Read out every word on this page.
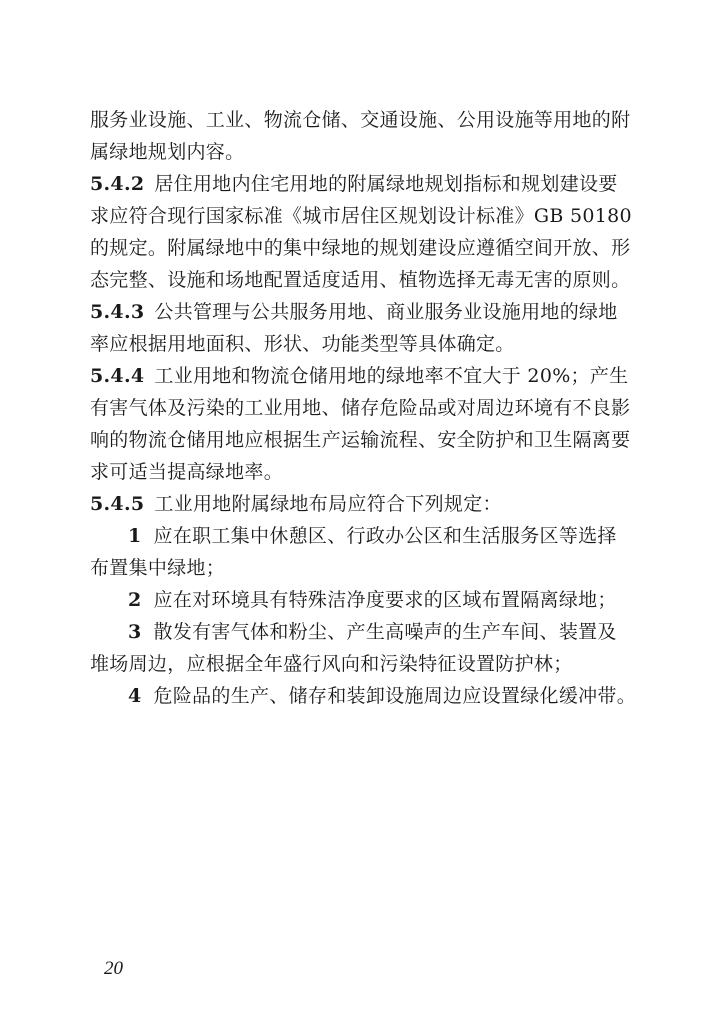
服务业设施、工业、物流仓储、交通设施、公用设施等用地的附
属绿地规划内容。
5.4.2 居住用地内住宅用地的附属绿地规划指标和规划建设要
求应符合现行国家标准《城市居住区规划设计标准》GB 50180
的规定。附属绿地中的集中绿地的规划建设应遵循空间开放、形
态完整、设施和场地配置适度适用、植物选择无毒无害的原则。
5.4.3 公共管理与公共服务用地、商业服务业设施用地的绿地
率应根据用地面积、形状、功能类型等具体确定。
5.4.4 工业用地和物流仓储用地的绿地率不宜大于 20%；产生
有害气体及污染的工业用地、储存危险品或对周边环境有不良影
响的物流仓储用地应根据生产运输流程、安全防护和卫生隔离要
求可适当提高绿地率。
5.4.5 工业用地附属绿地布局应符合下列规定：
1 应在职工集中休憩区、行政办公区和生活服务区等选择
布置集中绿地；
2 应在对环境具有特殊洁净度要求的区域布置隔离绿地；
3 散发有害气体和粉尘、产生高噪声的生产车间、装置及
堆场周边，应根据全年盛行风向和污染特征设置防护林；
4 危险品的生产、储存和装卸设施周边应设置绿化缓冲带。
20
